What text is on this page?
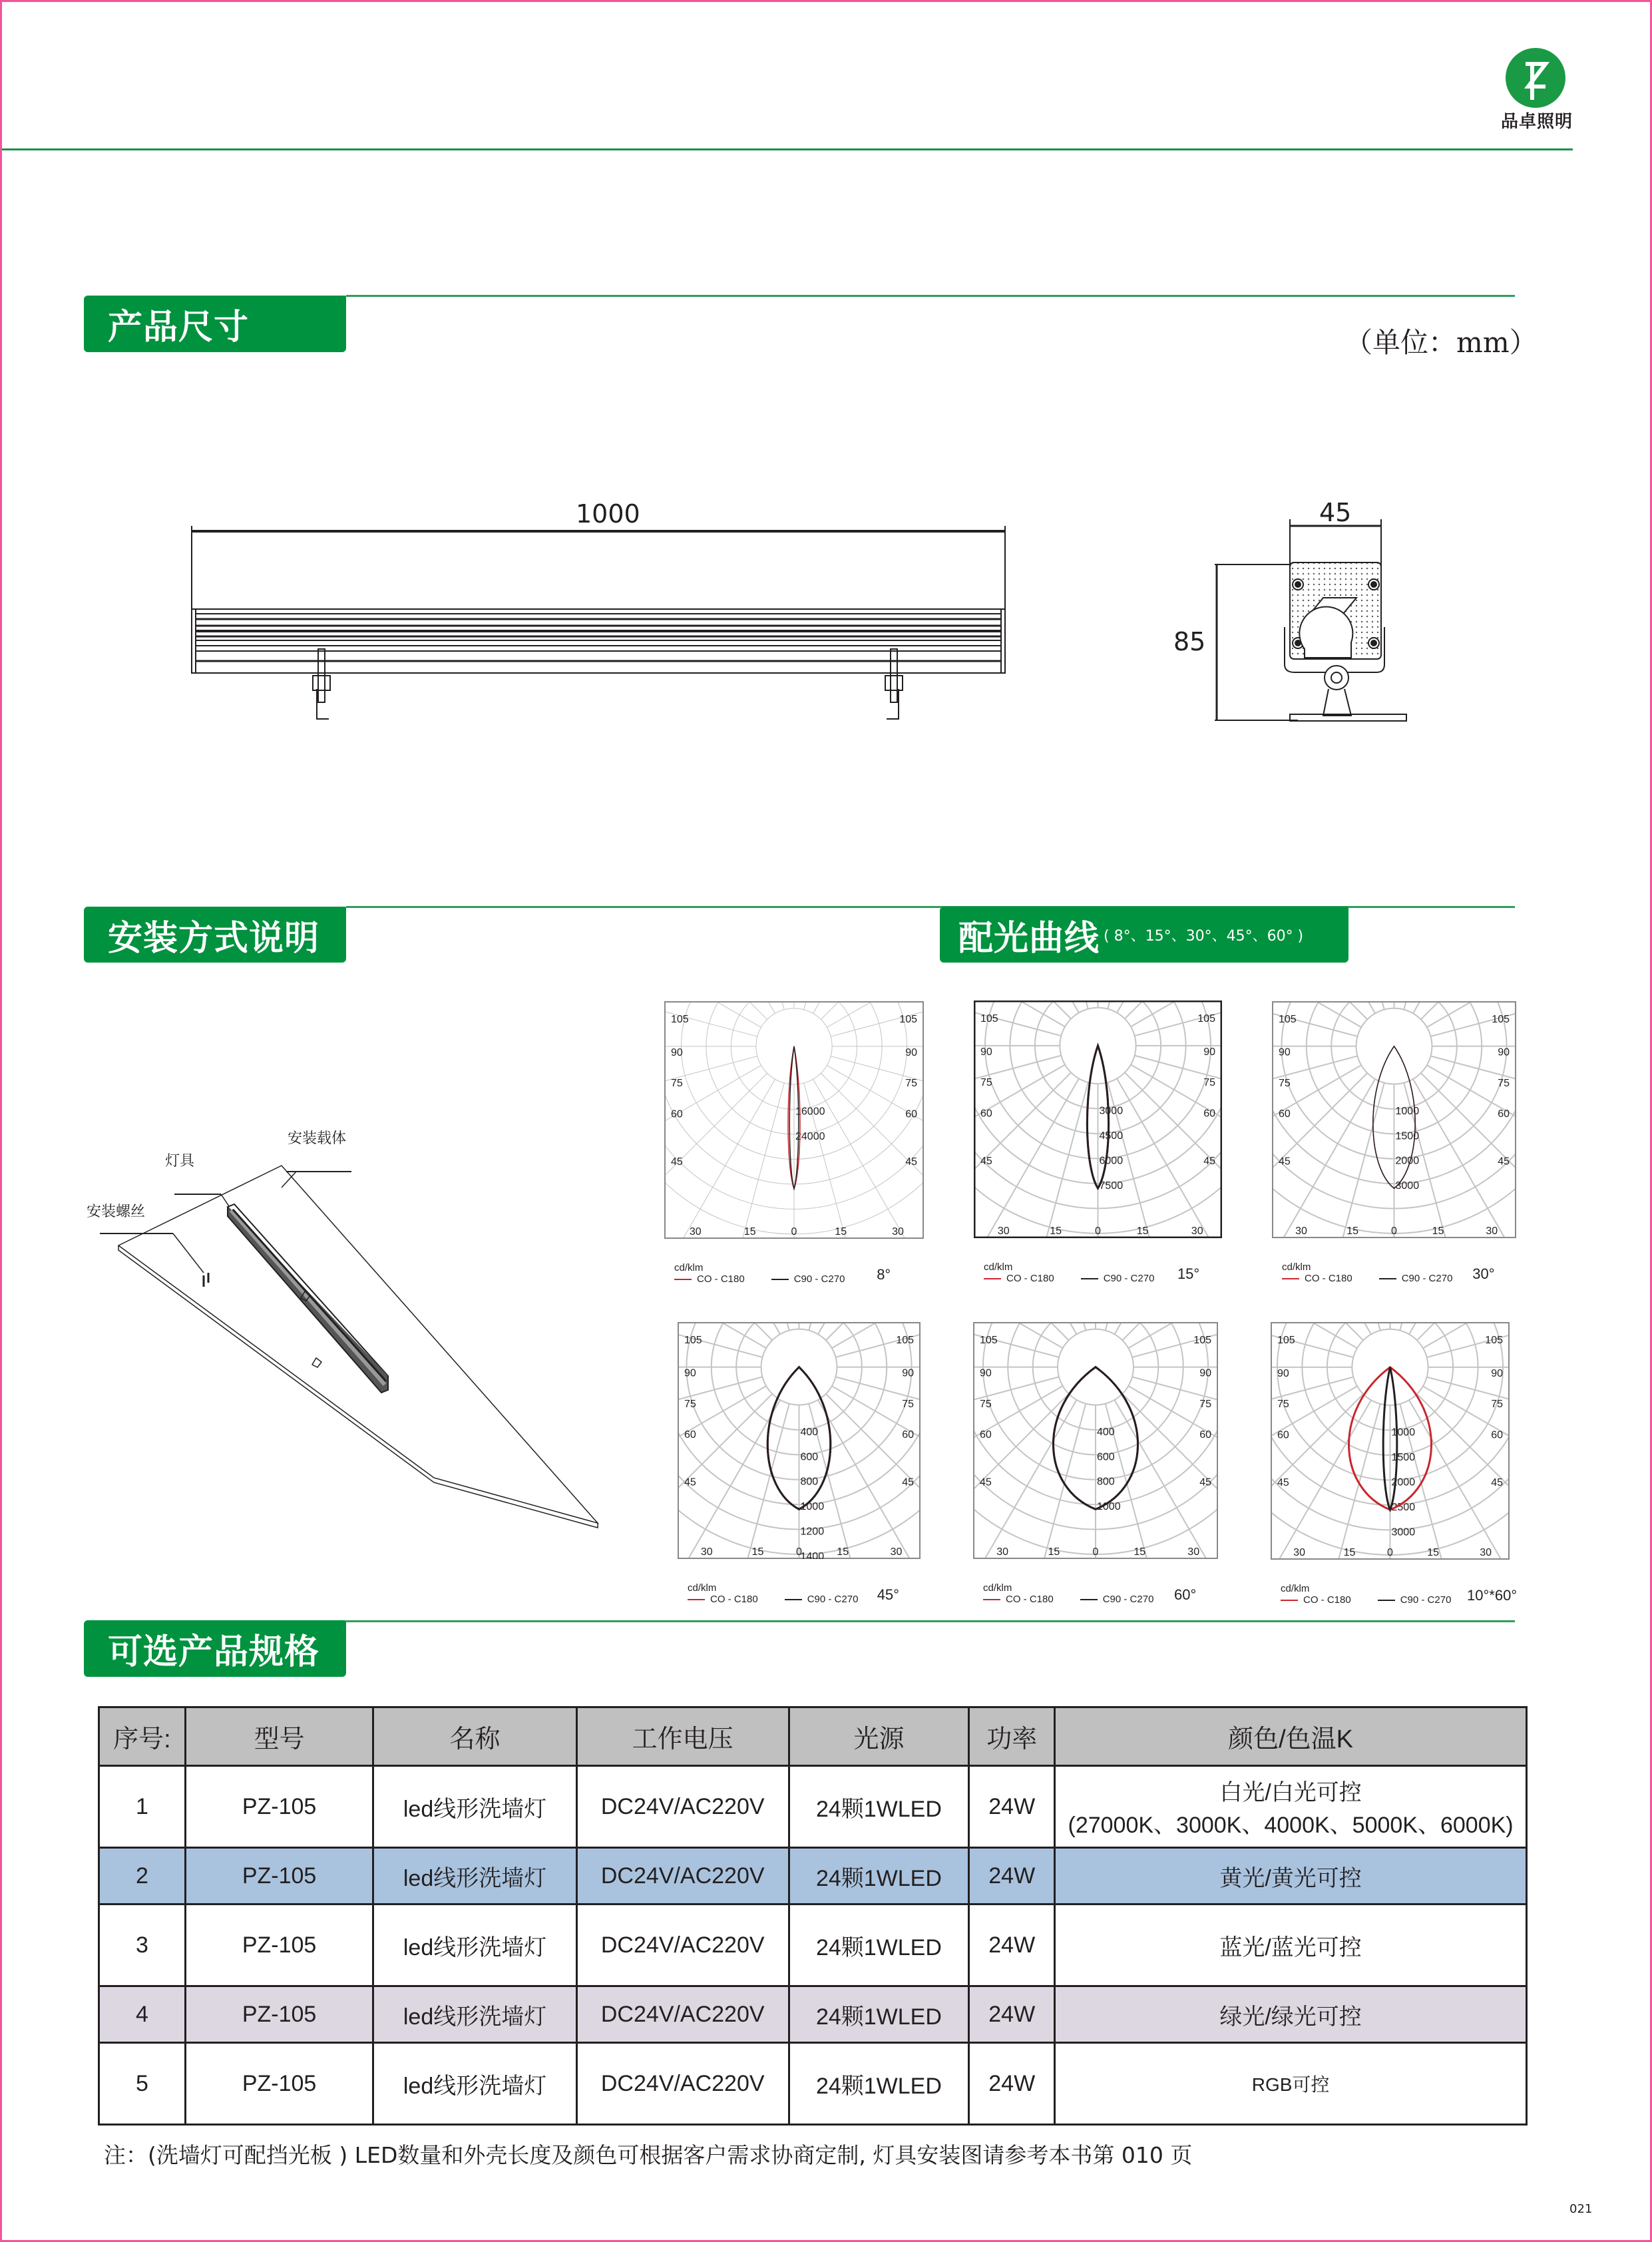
品卓照明
产品尺寸	（单位：mm）
1000	45
85
安装方式说明	配光曲线 ( 8°、15°、30°、45°、60° )
安装载体
灯具
安装螺丝
105	105
90	90
75	75
60	60
45	45
30	15	0	15	30
16000
24000
105	105
90	90
75	75
60	60
45	45
30	15	0	15	30
3000
4500
6000
7500
105	105
90	90
75	75
60	60
45	45
30	15	0	15	30
1000
1500
2000
3000
105	105
90	90
75	75
60	60
45	45
30	15	0	15	30
400
600
800
1000
1200
1400
105	105
90	90
75	75
60	60
45	45
30	15	0	15	30
400
600
800
1000
105	105
90	90
75	75
60	60
45	45
30	15	0	15	30
1000
1500
2000
2500
3000
可选产品规格
序号:	型号	名称	工作电压	光源	功率	颜色/色温K
1	PZ-105	led线形洗墙灯	DC24V/AC220V	24颗1WLED	24W	白光/白光可控
(27000K、3000K、4000K、5000K、6000K)

2	PZ-105	led线形洗墙灯	DC24V/AC220V	24颗1WLED	24W	黄光/黄光可控
3	PZ-105	led线形洗墙灯	DC24V/AC220V	24颗1WLED	24W	蓝光/蓝光可控
4	PZ-105	led线形洗墙灯	DC24V/AC220V	24颗1WLED	24W	绿光/绿光可控
5	PZ-105	led线形洗墙灯	DC24V/AC220V	24颗1WLED	24W	RGB可控
注：(洗墙灯可配挡光板 ) LED数量和外壳长度及颜色可根据客户需求协商定制, 灯具安装图请参考本书第 010 页
021
cd/klm
CO - C180	C90 - C270 8°	cd/klm
CO - C180	C90 - C270 15°	cd/klm
CO - C180	C90 - C270 30°
cd/klm
CO - C180	C90 - C270 45°	cd/klm
CO - C180	C90 - C270 60°	cd/klm
CO - C180	C90 - C270 10°*60°
